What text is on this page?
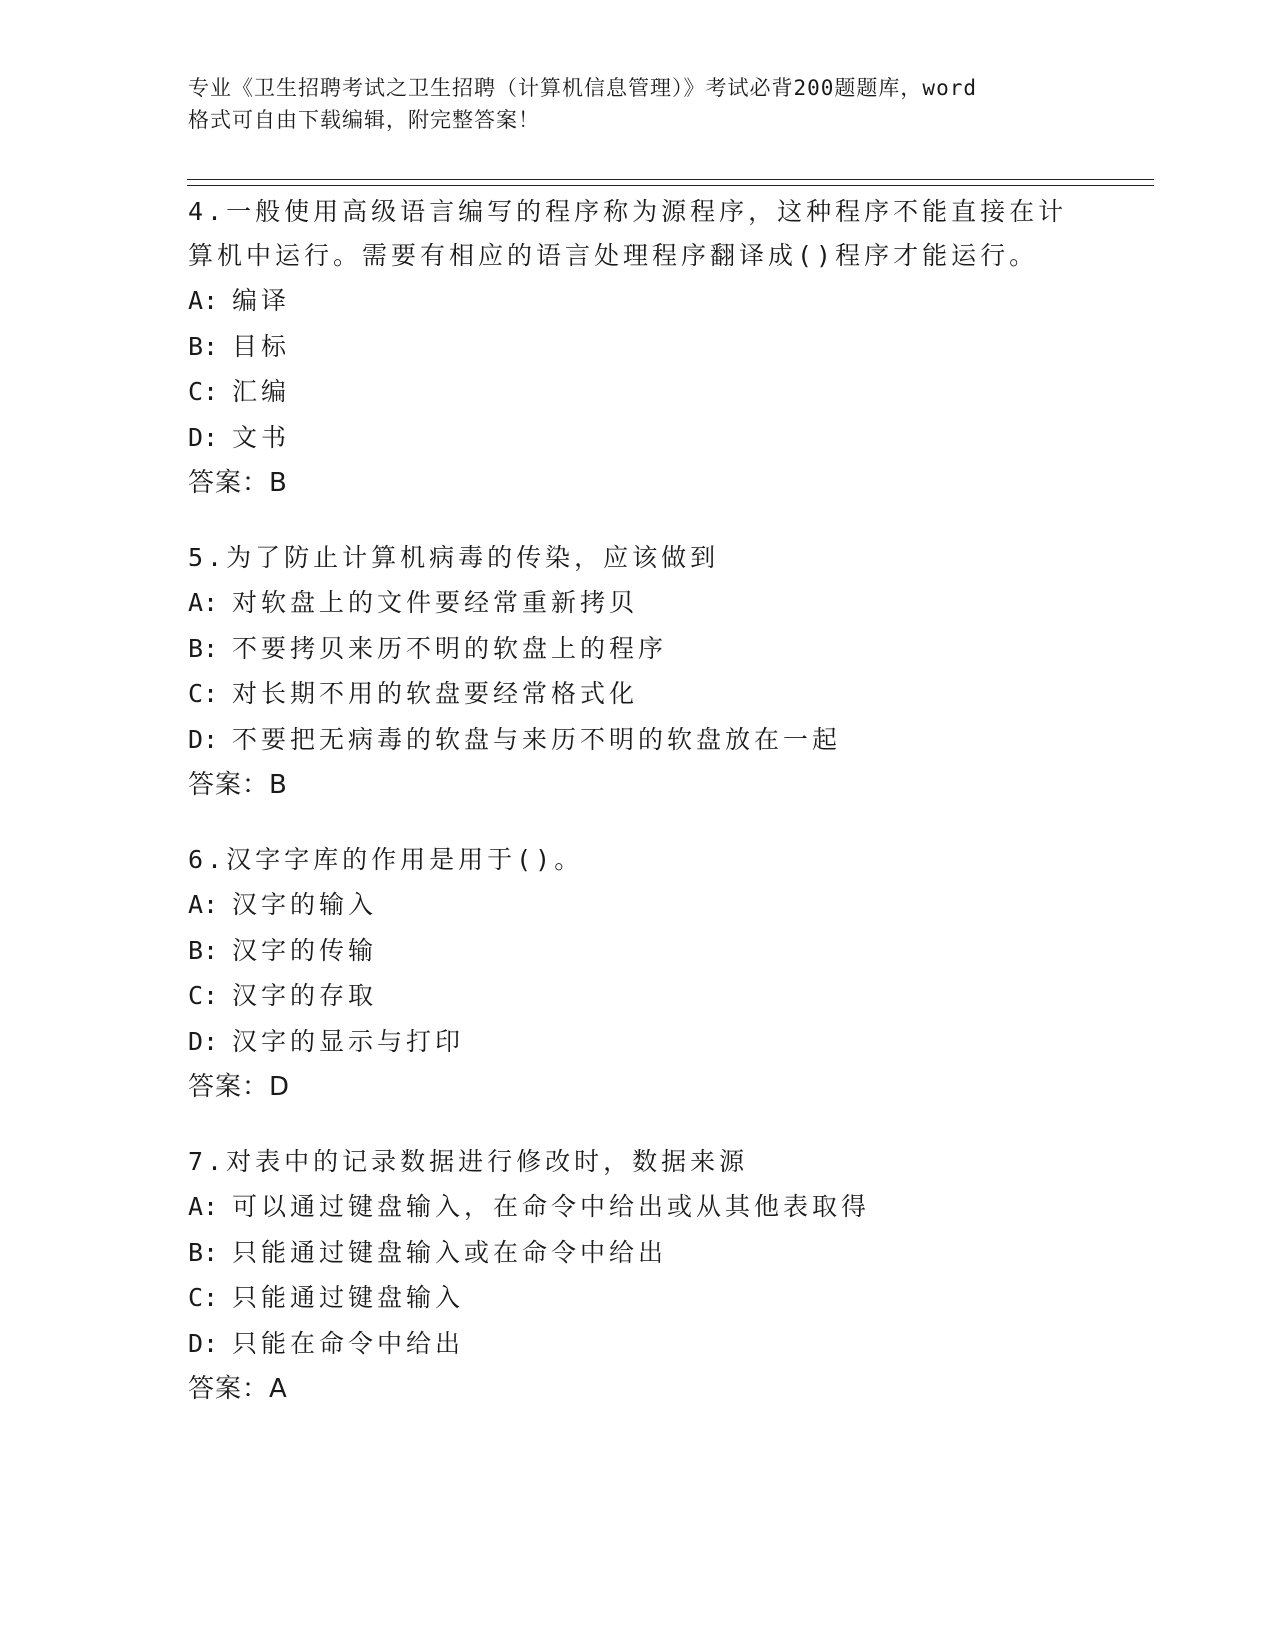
专业《卫生招聘考试之卫生招聘（计算机信息管理）》考试必背200题题库，word
格式可自由下载编辑，附完整答案！
4.一般使用高级语言编写的程序称为源程序，这种程序不能直接在计算机中运行。需要有相应的语言处理程序翻译成()程序才能运行。
A: 编译
B: 目标
C: 汇编
D: 文书
答案：B
5.为了防止计算机病毒的传染，应该做到
A: 对软盘上的文件要经常重新拷贝
B: 不要拷贝来历不明的软盘上的程序
C: 对长期不用的软盘要经常格式化
D: 不要把无病毒的软盘与来历不明的软盘放在一起
答案：B
6.汉字字库的作用是用于()。
A: 汉字的输入
B: 汉字的传输
C: 汉字的存取
D: 汉字的显示与打印
答案：D
7.对表中的记录数据进行修改时，数据来源
A: 可以通过键盘输入，在命令中给出或从其他表取得
B: 只能通过键盘输入或在命令中给出
C: 只能通过键盘输入
D: 只能在命令中给出
答案：A
